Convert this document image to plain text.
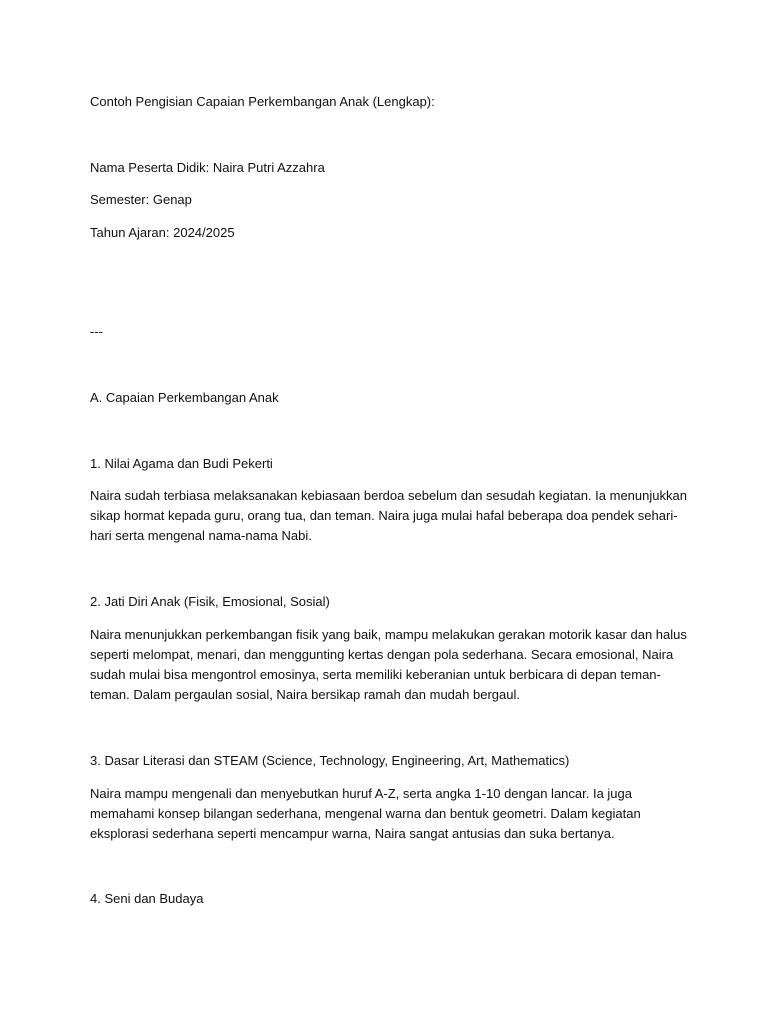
Contoh Pengisian Capaian Perkembangan Anak (Lengkap):
Nama Peserta Didik: Naira Putri Azzahra
Semester: Genap
Tahun Ajaran: 2024/2025
---
A. Capaian Perkembangan Anak
1. Nilai Agama dan Budi Pekerti

Naira sudah terbiasa melaksanakan kebiasaan berdoa sebelum dan sesudah kegiatan. Ia menunjukkan

sikap hormat kepada guru, orang tua, dan teman. Naira juga mulai hafal beberapa doa pendek sehari-

hari serta mengenal nama-nama Nabi.

2. Jati Diri Anak (Fisik, Emosional, Sosial)

Naira menunjukkan perkembangan fisik yang baik, mampu melakukan gerakan motorik kasar dan halus

seperti melompat, menari, dan menggunting kertas dengan pola sederhana. Secara emosional, Naira

sudah mulai bisa mengontrol emosinya, serta memiliki keberanian untuk berbicara di depan teman-

teman. Dalam pergaulan sosial, Naira bersikap ramah dan mudah bergaul.

3. Dasar Literasi dan STEAM (Science, Technology, Engineering, Art, Mathematics)

Naira mampu mengenali dan menyebutkan huruf A-Z, serta angka 1-10 dengan lancar. Ia juga

memahami konsep bilangan sederhana, mengenal warna dan bentuk geometri. Dalam kegiatan

eksplorasi sederhana seperti mencampur warna, Naira sangat antusias dan suka bertanya.

4. Seni dan Budaya
